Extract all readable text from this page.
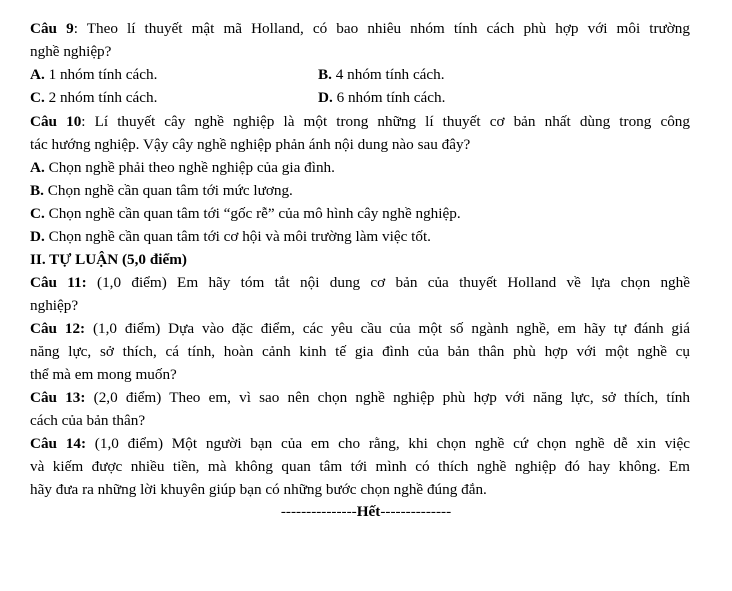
Câu 9: Theo lí thuyết mật mã Holland, có bao nhiêu nhóm tính cách phù hợp với môi trường
nghề nghiệp?
A. 1 nhóm tính cách.	B. 4 nhóm tính cách.
C. 2 nhóm tính cách.	D. 6 nhóm tính cách.
Câu 10: Lí thuyết cây nghề nghiệp là một trong những lí thuyết cơ bản nhất dùng trong công
tác hướng nghiệp. Vậy cây nghề nghiệp phản ánh nội dung nào sau đây?
A. Chọn nghề phải theo nghề nghiệp của gia đình.
B. Chọn nghề cần quan tâm tới mức lương.
C. Chọn nghề cần quan tâm tới “gốc rễ” của mô hình cây nghề nghiệp.
D. Chọn nghề cần quan tâm tới cơ hội và môi trường làm việc tốt.
II. TỰ LUẬN (5,0 điểm)
Câu 11: (1,0 điểm) Em hãy tóm tắt nội dung cơ bản của thuyết Holland về lựa chọn nghề
nghiệp?
Câu 12: (1,0 điểm) Dựa vào đặc điểm, các yêu cầu của một số ngành nghề, em hãy tự đánh giá
năng lực, sở thích, cá tính, hoàn cảnh kinh tế gia đình của bản thân phù hợp với một nghề cụ
thể mà em mong muốn?
Câu 13: (2,0 điểm) Theo em, vì sao nên chọn nghề nghiệp phù hợp với năng lực, sở thích, tính
cách của bản thân?
Câu 14: (1,0 điểm) Một người bạn của em cho rằng, khi chọn nghề cứ chọn nghề dễ xin việc
và kiếm được nhiều tiền, mà không quan tâm tới mình có thích nghề nghiệp đó hay không. Em
hãy đưa ra những lời khuyên giúp bạn có những bước chọn nghề đúng đắn.
---------------Hết--------------
